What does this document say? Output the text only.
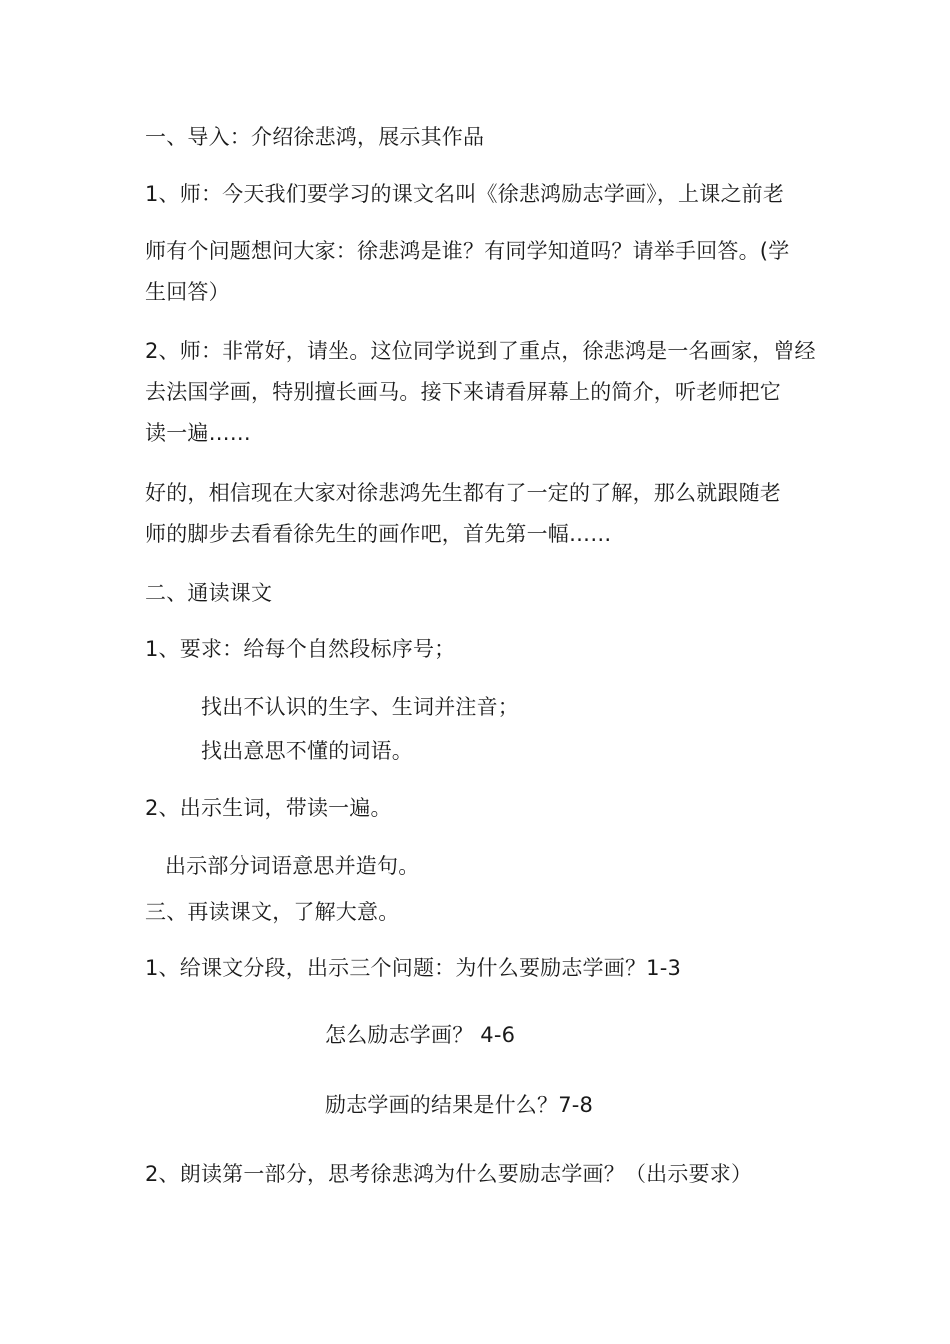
一、导入：介绍徐悲鸿，展示其作品
1、师：今天我们要学习的课文名叫《徐悲鸿励志学画》，上课之前老
师有个问题想问大家：徐悲鸿是谁？有同学知道吗？请举手回答。(学
生回答）
2、师：非常好，请坐。这位同学说到了重点，徐悲鸿是一名画家，曾经
去法国学画，特别擅长画马。接下来请看屏幕上的简介，听老师把它
读一遍……
好的，相信现在大家对徐悲鸿先生都有了一定的了解，那么就跟随老
师的脚步去看看徐先生的画作吧，首先第一幅……
二、通读课文
1、要求：给每个自然段标序号；
找出不认识的生字、生词并注音；
找出意思不懂的词语。
2、出示生词，带读一遍。
出示部分词语意思并造句。
三、再读课文，了解大意。
1、给课文分段，出示三个问题：为什么要励志学画？1-3
怎么励志学画？ 4-6
励志学画的结果是什么？7-8
2、朗读第一部分，思考徐悲鸿为什么要励志学画？（出示要求）
